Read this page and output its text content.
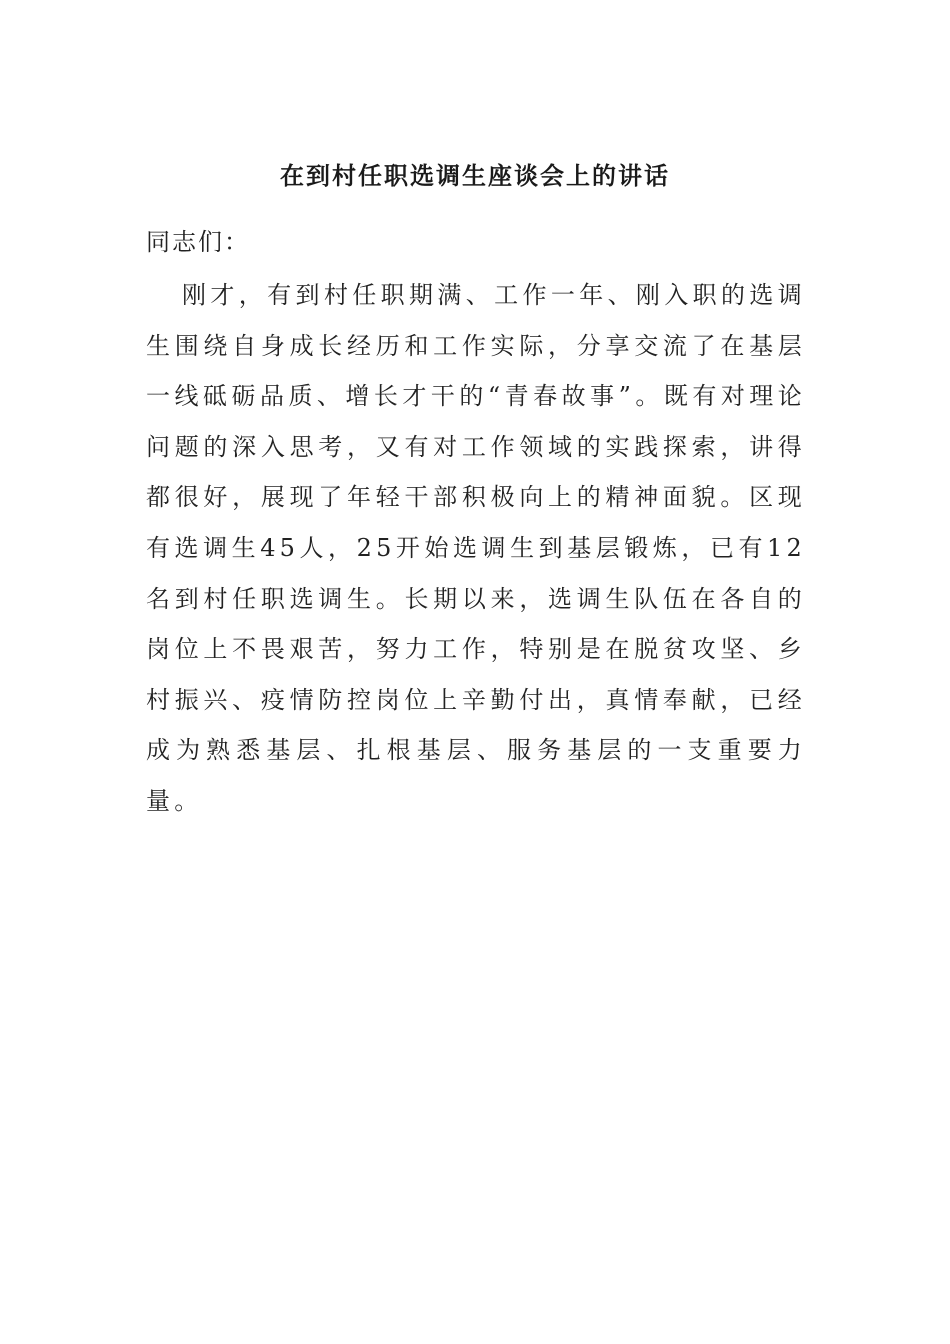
在到村任职选调生座谈会上的讲话
同志们：

刚才，有到村任职期满、工作一年、刚入职的选调生围绕自身成长经历和工作实际，分享交流了在基层一线砥砺品质、增长才干的“青春故事”。既有对理论问题的深入思考，又有对工作领域的实践探索，讲得都很好，展现了年轻干部积极向上的精神面貌。区现有选调生45人，25开始选调生到基层锻炼，已有12名到村任职选调生。长期以来，选调生队伍在各自的岗位上不畏艰苦，努力工作，特别是在脱贫攻坚、乡村振兴、疫情防控岗位上辛勤付出，真情奉献，已经成为熟悉基层、扎根基层、服务基层的一支重要力量。
